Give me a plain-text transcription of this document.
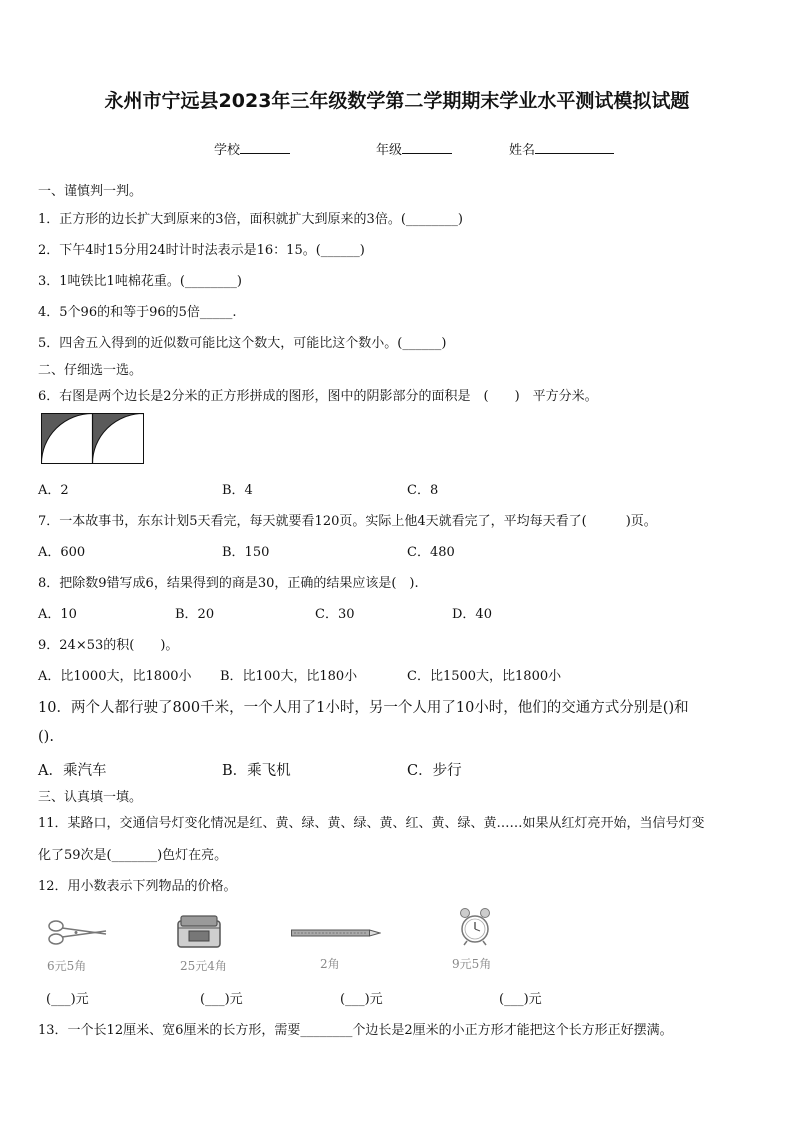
永州市宁远县2023年三年级数学第二学期期末学业水平测试模拟试题
学校	年级	姓名
一、谨慎判一判。
1．正方形的边长扩大到原来的3倍，面积就扩大到原来的3倍。(________)
2．下午4时15分用24时计时法表示是16：15。(______)
3．1吨铁比1吨棉花重。(________)
4．5个96的和等于96的5倍_____.
5．四舍五入得到的近似数可能比这个数大，可能比这个数小。(______)
二、仔细选一选。
6．右图是两个边长是2分米的正方形拼成的图形，图中的阴影部分的面积是　(　　)　平方分米。
A．2	B．4	C．8
7．一本故事书，东东计划5天看完，每天就要看120页。实际上他4天就看完了，平均每天看了(　　　)页。
A．600	B．150	C．480
8．把除数9错写成6，结果得到的商是30，正确的结果应该是(　).
A．10	B．20	C．30	D．40
9．24×53的积(　　)。
A．比1000大，比1800小 B．比100大，比180小	C．比1500大，比1800小
10．两个人都行驶了800千米，一个人用了1小时，另一个人用了10小时，他们的交通方式分别是()和
().
A．乘汽车	B．乘飞机	C．步行
三、认真填一填。
11．某路口，交通信号灯变化情况是红、黄、绿、黄、绿、黄、红、黄、绿、黄……如果从红灯亮开始，当信号灯变
化了59次是(_______)色灯在亮。
12．用小数表示下列物品的价格。
6元5角
(___)元
25元4角
(___)元
2角
(___)元
9元5角
(___)元
13．一个长12厘米、宽6厘米的长方形，需要________个边长是2厘米的小正方形才能把这个长方形正好摆满。
